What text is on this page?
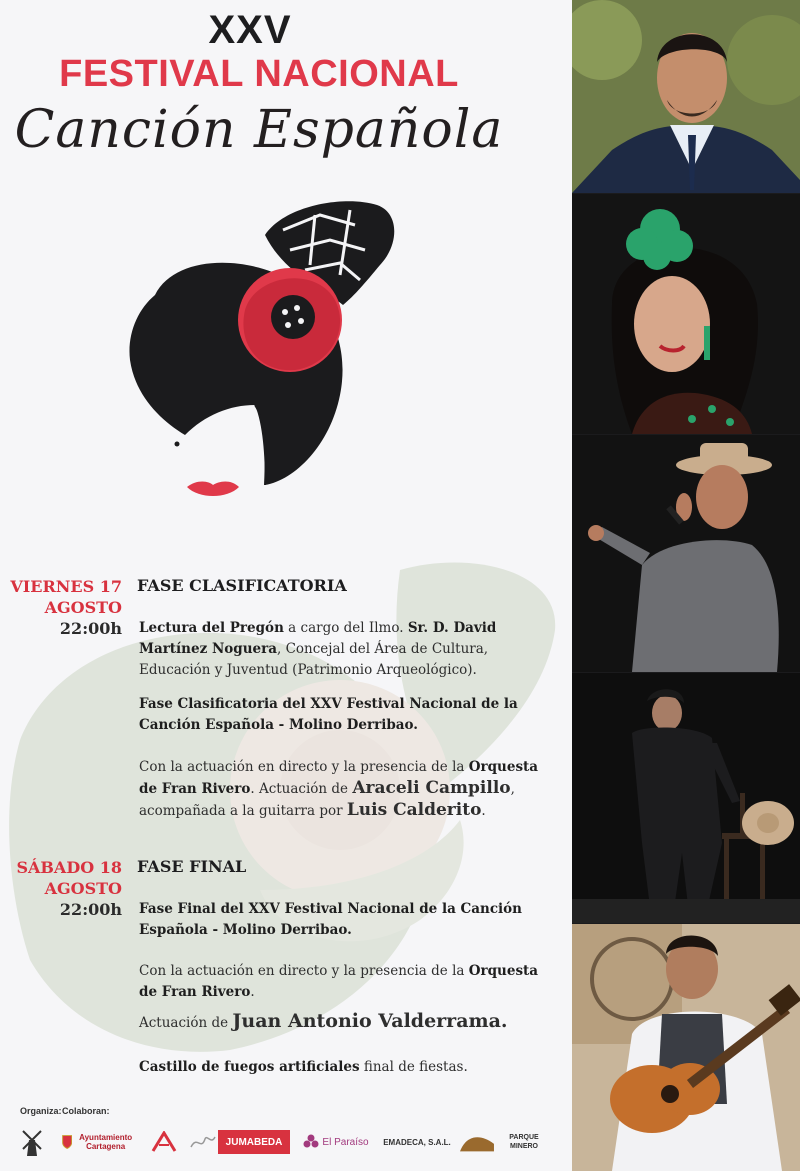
XXV
FESTIVAL NACIONAL
Canción Española
VIERNES 17
AGOSTO
22:00h
FASE CLASIFICATORIA
Lectura del Pregón a cargo del Ilmo. Sr. D. David Martínez Noguera, Concejal del Área de Cultura, Educación y Juventud (Patrimonio Arqueológico).
Fase Clasificatoria del XXV Festival Nacional de la Canción Española - Molino Derribao.
Con la actuación en directo y la presencia de la Orquesta de Fran Rivero. Actuación de Araceli Campillo, acompañada a la guitarra por Luis Calderito.
SÁBADO 18
AGOSTO
22:00h
FASE FINAL
Fase Final del XXV Festival Nacional de la Canción Española - Molino Derribao.
Con la actuación en directo y la presencia de la Orquesta de Fran Rivero.
Actuación de Juan Antonio Valderrama.
Castillo de fuegos artificiales final de fiestas.
Organiza: Colaboran:
Ayuntamiento Cartagena	JUMABEDA	El Paraíso EMADECA, S.A.L.	PARQUE MINERO
